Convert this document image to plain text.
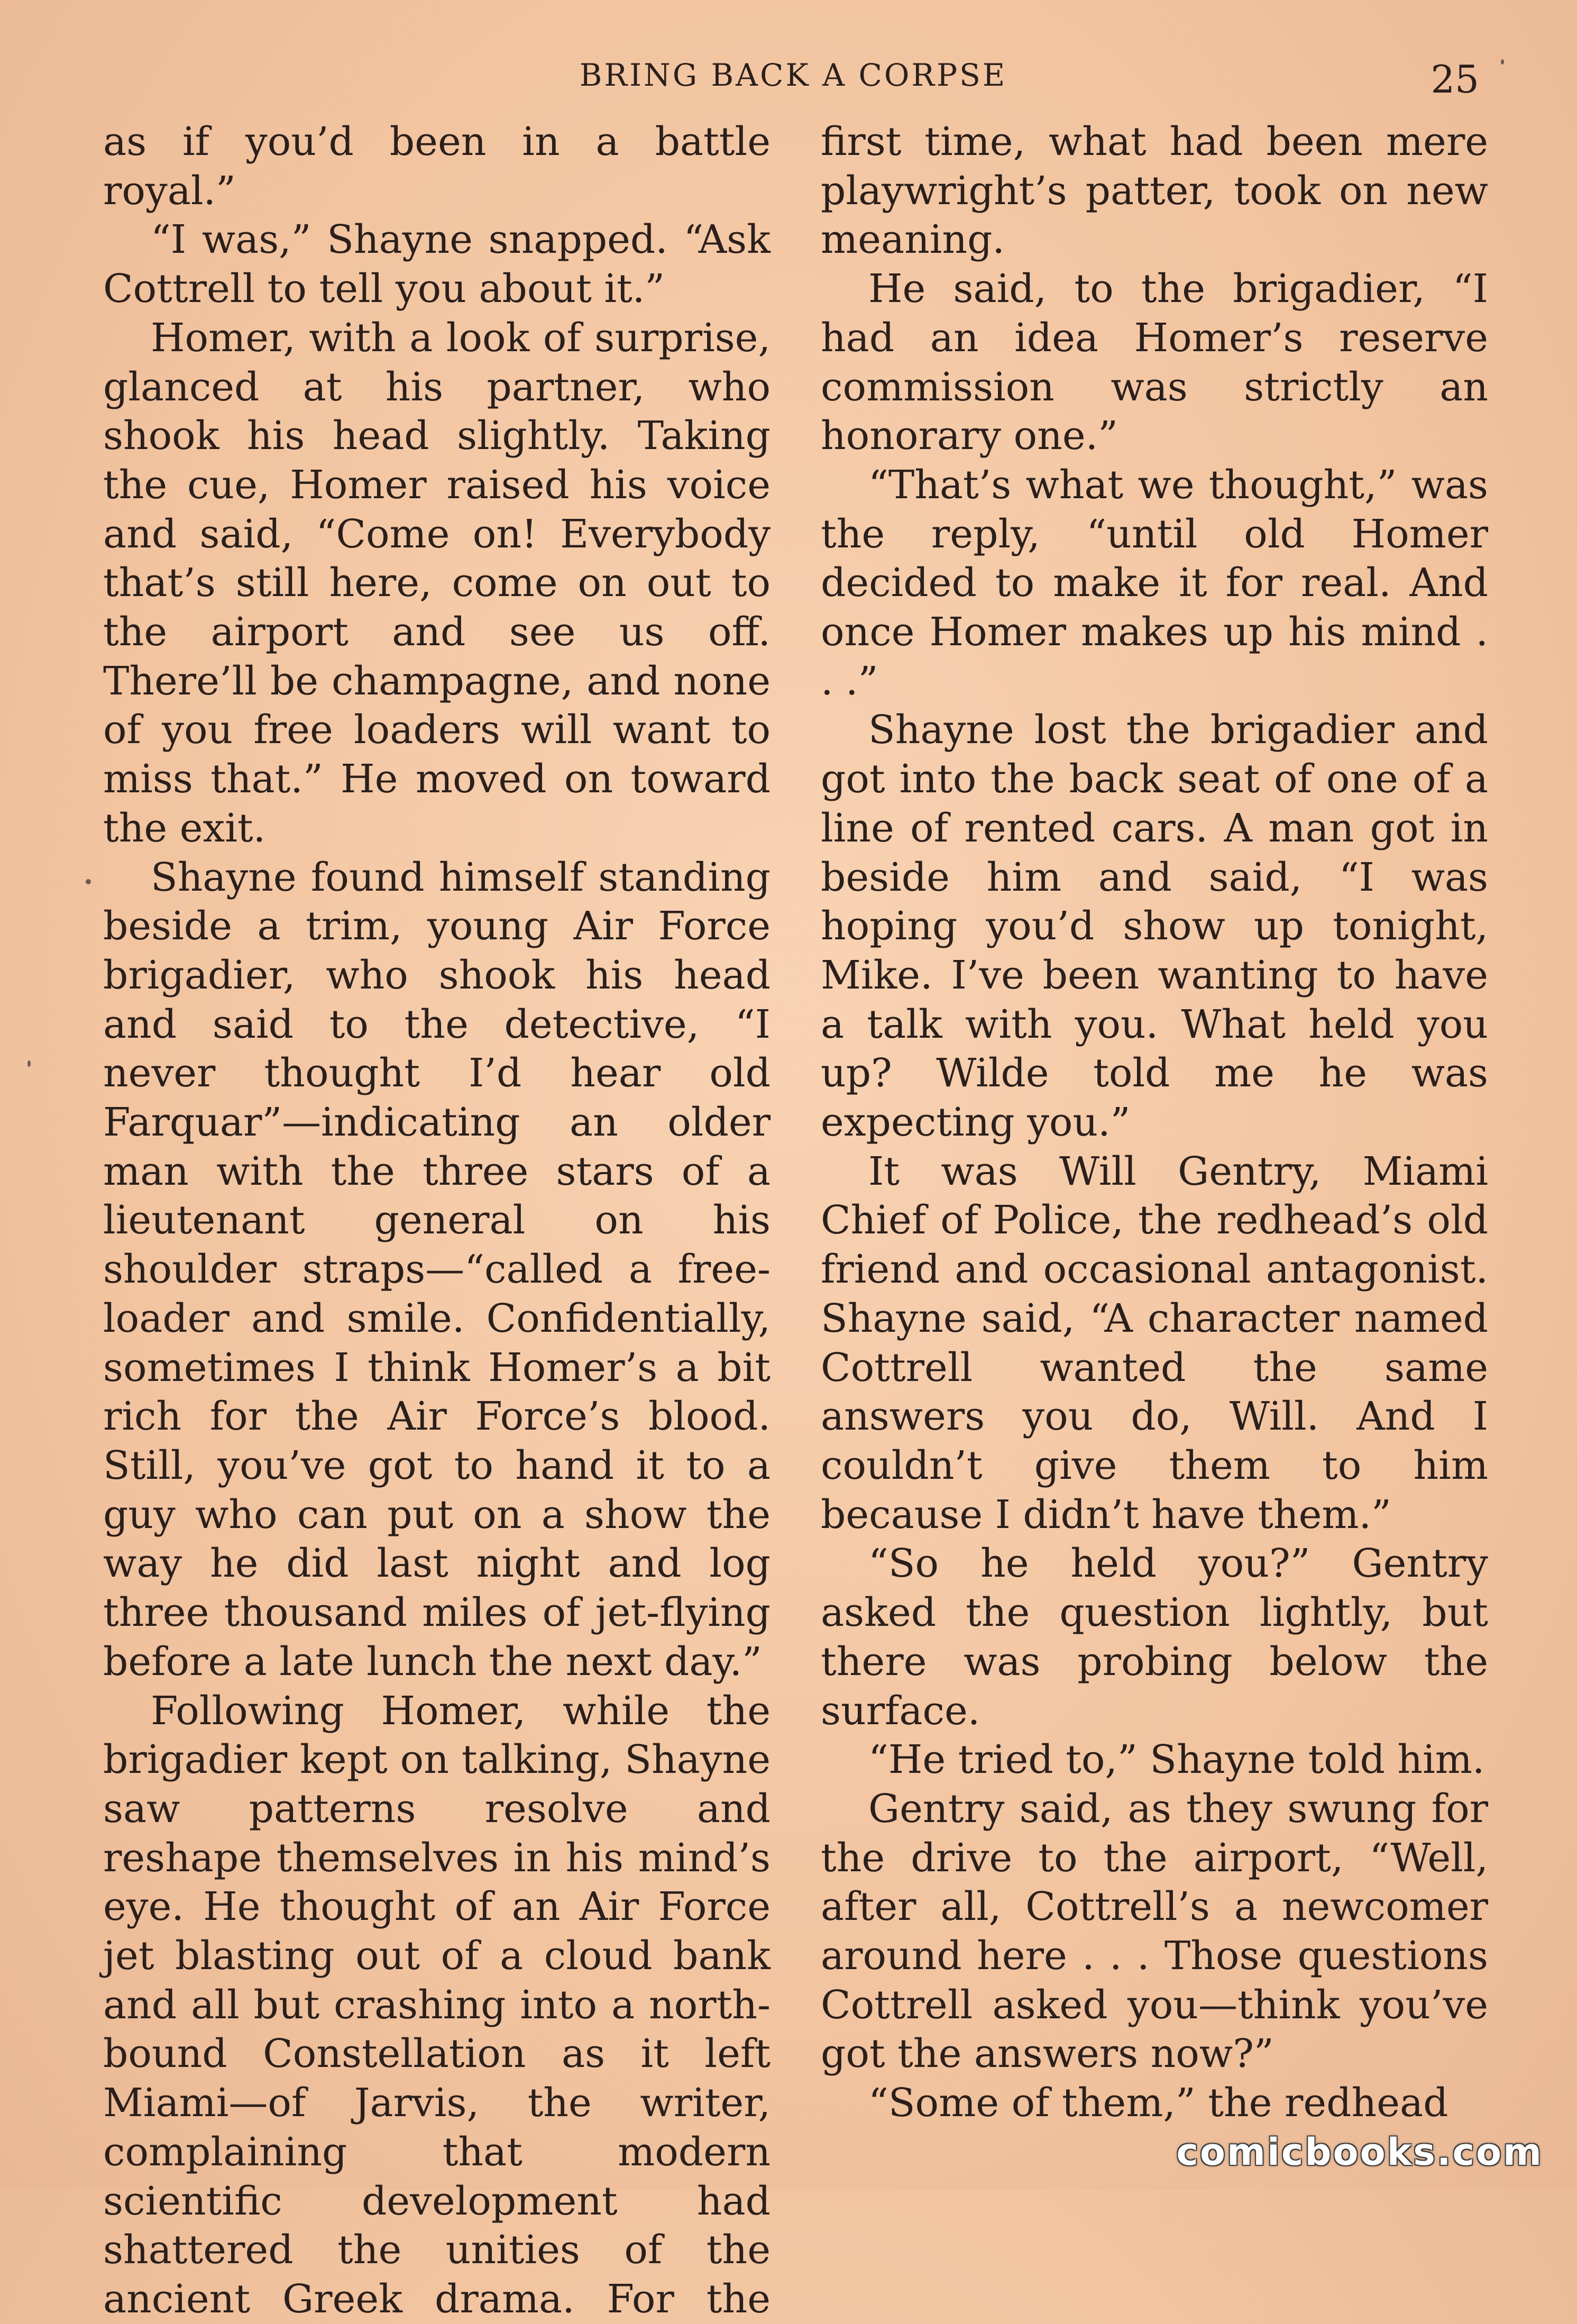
BRING BACK A CORPSE	25

as if you’d been in a battle royal.”

“I was,” Shayne snapped. “Ask Cottrell to tell you about it.”

Homer, with a look of surprise, glanced at his partner, who shook his head slightly. Taking the cue, Homer raised his voice and said, “Come on! Everybody that’s still here, come on out to the airport and see us off. There’ll be champagne, and none of you free loaders will want to miss that.” He moved on toward the exit.

Shayne found himself standing beside a trim, young Air Force brigadier, who shook his head and said to the detective, “I never thought I’d hear old Farquar”—indicating an older man with the three stars of a lieutenant general on his shoulder straps—“called a free-loader and smile. Confidentially, sometimes I think Homer’s a bit rich for the Air Force’s blood. Still, you’ve got to hand it to a guy who can put on a show the way he did last night and log three thousand miles of jet-flying before a late lunch the next day.”

Following Homer, while the brigadier kept on talking, Shayne saw patterns resolve and reshape themselves in his mind’s eye. He thought of an Air Force jet blasting out of a cloud bank and all but crashing into a north-bound Constellation as it left Miami—of Jarvis, the writer, complaining that modern scientific development had shattered the unities of the ancient Greek drama. For the

first time, what had been mere playwright’s patter, took on new meaning.

He said, to the brigadier, “I had an idea Homer’s reserve commission was strictly an honorary one.”

“That’s what we thought,” was the reply, “until old Homer decided to make it for real. And once Homer makes up his mind . . .”

Shayne lost the brigadier and got into the back seat of one of a line of rented cars. A man got in beside him and said, “I was hoping you’d show up tonight, Mike. I’ve been wanting to have a talk with you. What held you up? Wilde told me he was expecting you.”

It was Will Gentry, Miami Chief of Police, the redhead’s old friend and occasional antagonist. Shayne said, “A character named Cottrell wanted the same answers you do, Will. And I couldn’t give them to him because I didn’t have them.”

“So he held you?” Gentry asked the question lightly, but there was probing below the surface.

“He tried to,” Shayne told him.

Gentry said, as they swung for the drive to the airport, “Well, after all, Cottrell’s a newcomer around here . . . Those questions Cottrell asked you—think you’ve got the answers now?”

“Some of them,” the redhead

comicbooks.com
